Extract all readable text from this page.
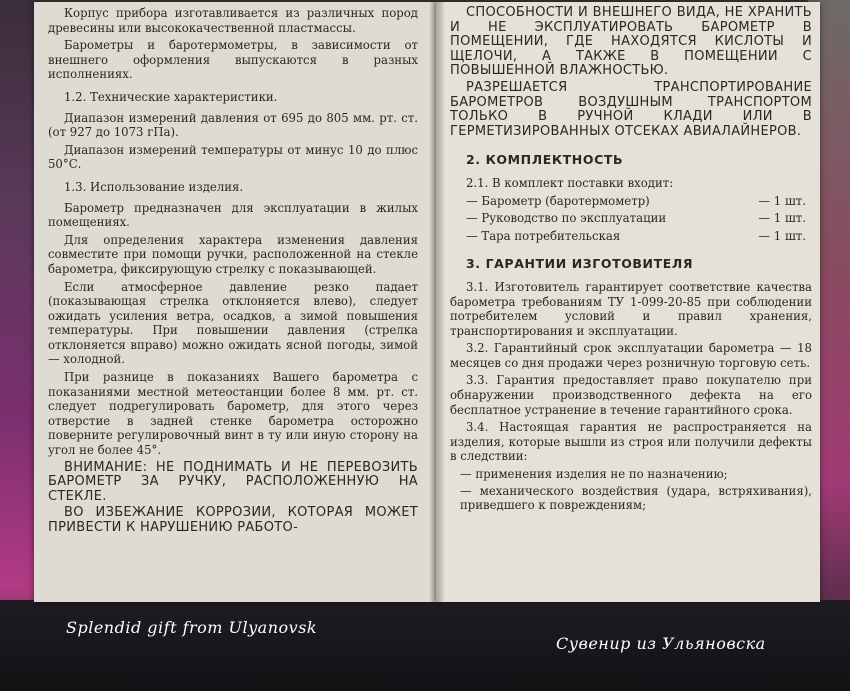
Корпус прибора изготавливается из различных пород древесины или высококачественной пластмассы.

Барометры и баротермометры, в зависимости от внешнего оформления выпускаются в разных исполнениях.

1.2. Технические характеристики.

Диапазон измерений давления от 695 до 805 мм. рт. ст. (от 927 до 1073 гПа).

Диапазон измерений температуры от минус 10 до плюс 50°С.

1.3. Использование изделия.

Барометр предназначен для эксплуатации в жилых помещениях.

Для определения характера изменения давления совместите при помощи ручки, расположенной на стекле барометра, фиксирующую стрелку с показывающей.

Если атмосферное давление резко падает (показывающая стрелка отклоняется влево), следует ожидать усиления ветра, осадков, а зимой повышения температуры. При повышении давления (стрелка отклоняется вправо) можно ожидать ясной погоды, зимой — холодной.

При разнице в показаниях Вашего барометра с показаниями местной метеостанции более 8 мм. рт. ст. следует подрегулировать барометр, для этого через отверстие в задней стенке барометра осторожно поверните регулировочный винт в ту или иную сторону на угол не более 45°.

ВНИМАНИЕ: НЕ ПОДНИМАТЬ И НЕ ПЕРЕВОЗИТЬ БАРОМЕТР ЗА РУЧКУ, РАСПОЛОЖЕННУЮ НА СТЕКЛЕ.

ВО ИЗБЕЖАНИЕ КОРРОЗИИ, КОТОРАЯ МОЖЕТ ПРИВЕСТИ К НАРУШЕНИЮ РАБОТО-

СПОСОБНОСТИ И ВНЕШНЕГО ВИДА, НЕ ХРАНИТЬ И НЕ ЭКСПЛУАТИРОВАТЬ БАРОМЕТР В ПОМЕЩЕНИИ, ГДЕ НАХОДЯТСЯ КИСЛОТЫ И ЩЕЛОЧИ, А ТАКЖЕ В ПОМЕЩЕНИИ С ПОВЫШЕННОЙ ВЛАЖНОСТЬЮ.

РАЗРЕШАЕТСЯ ТРАНСПОРТИРОВАНИЕ БАРОМЕТРОВ ВОЗДУШНЫМ ТРАНСПОРТОМ ТОЛЬКО В РУЧНОЙ КЛАДИ ИЛИ В ГЕРМЕТИЗИРОВАННЫХ ОТСЕКАХ АВИАЛАЙНЕРОВ.

2. КОМПЛЕКТНОСТЬ

2.1. В комплект поставки входит:

— Барометр (баротермометр)	— 1 шт.
— Руководство по эксплуатации	— 1 шт.
— Тара потребительская	— 1 шт.

3. ГАРАНТИИ ИЗГОТОВИТЕЛЯ

3.1. Изготовитель гарантирует соответствие качества барометра требованиям ТУ 1-099-20-85 при соблюдении потребителем условий и правил хранения, транспортирования и эксплуатации.

3.2. Гарантийный срок эксплуатации барометра — 18 месяцев со дня продажи через розничную торговую сеть.

3.3. Гарантия предоставляет право покупателю при обнаружении производственного дефекта на его бесплатное устранение в течение гарантийного срока.

3.4. Настоящая гарантия не распространяется на изделия, которые вышли из строя или получили дефекты в следствии:

— применения изделия не по назначению;

— механического воздействия (удара, встряхивания), приведшего к повреждениям;

Splendid gift from Ulyanovsk
Сувенир из Ульяновска
